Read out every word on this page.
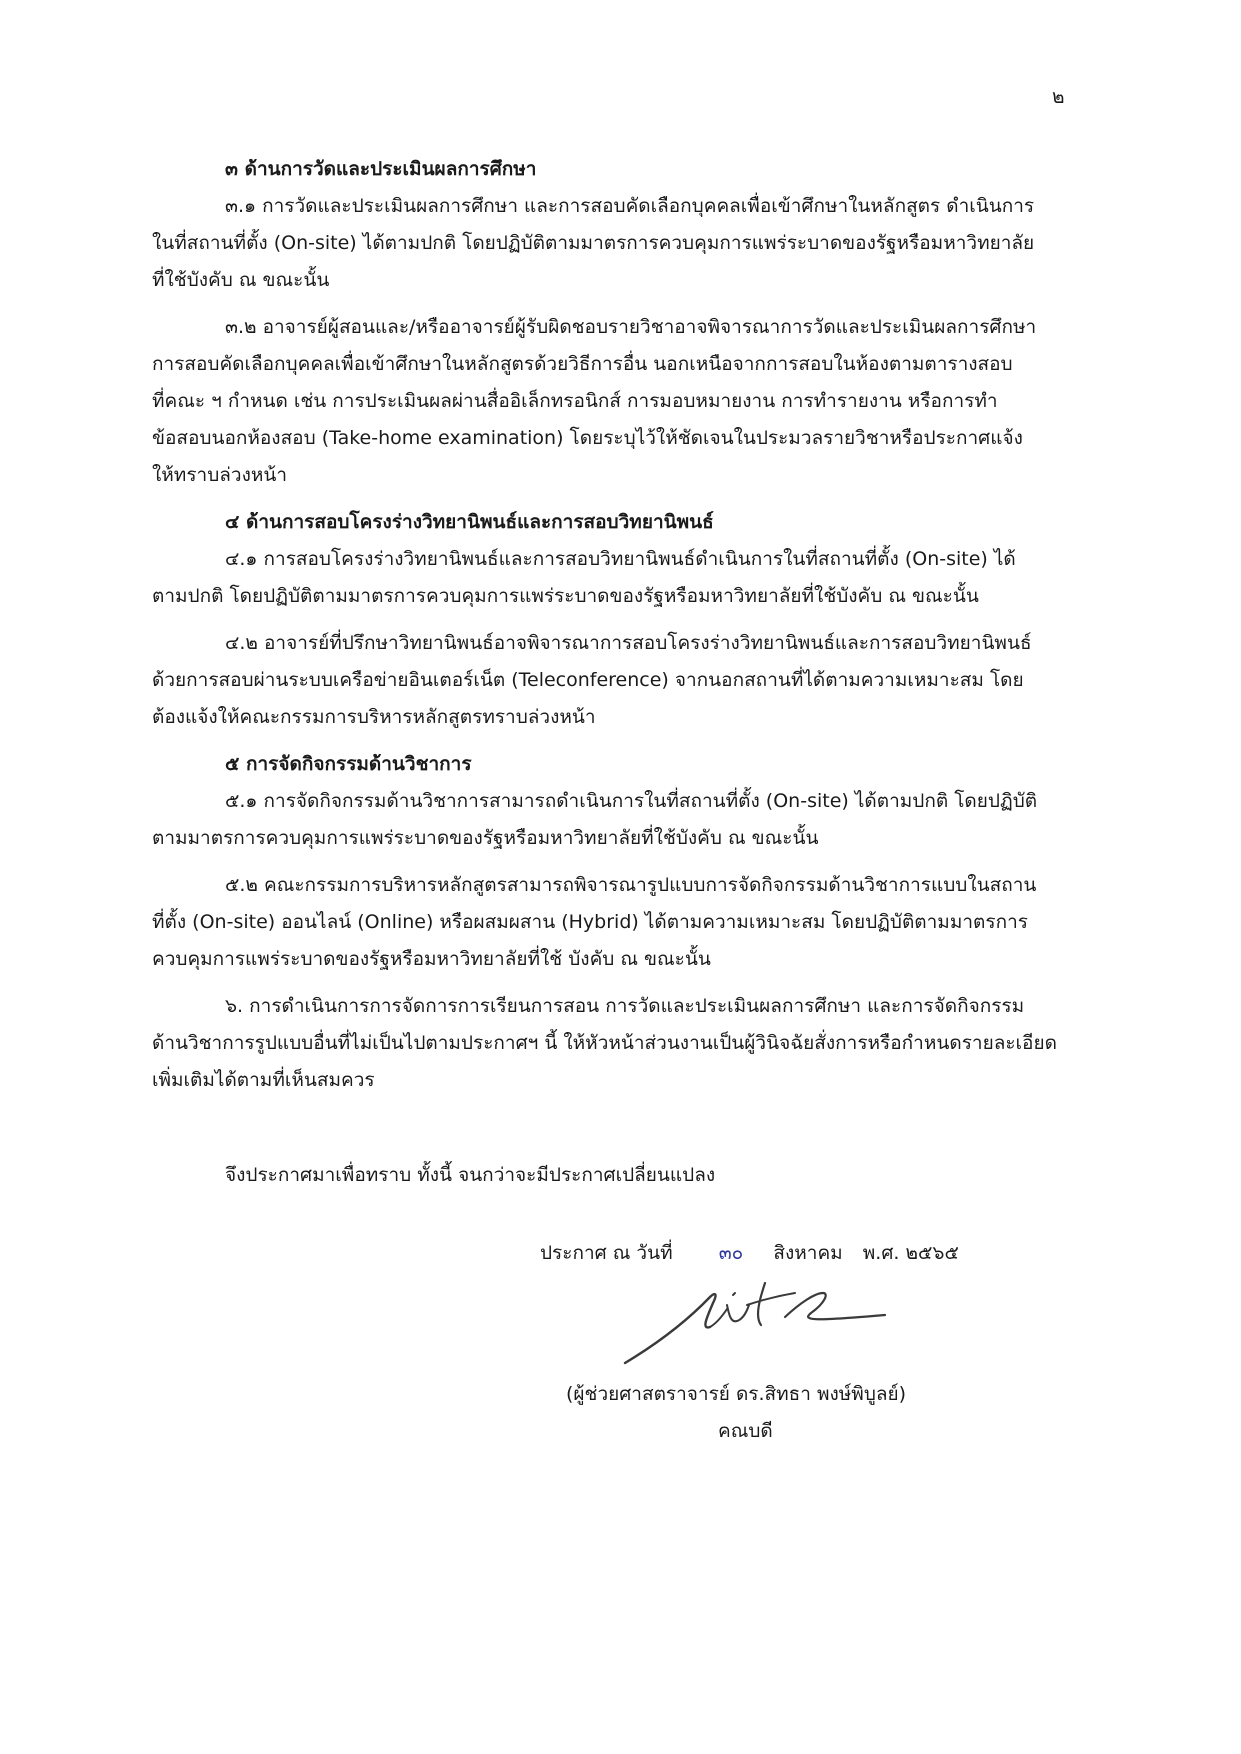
๒
๓ ด้านการวัดและประเมินผลการศึกษา
๓.๑ การวัดและประเมินผลการศึกษา และการสอบคัดเลือกบุคคลเพื่อเข้าศึกษาในหลักสูตร ดำเนินการ
ในที่สถานที่ตั้ง (On-site) ได้ตามปกติ โดยปฏิบัติตามมาตรการควบคุมการแพร่ระบาดของรัฐหรือมหาวิทยาลัย
ที่ใช้บังคับ ณ ขณะนั้น
๓.๒ อาจารย์ผู้สอนและ/หรืออาจารย์ผู้รับผิดชอบรายวิชาอาจพิจารณาการวัดและประเมินผลการศึกษา
การสอบคัดเลือกบุคคลเพื่อเข้าศึกษาในหลักสูตรด้วยวิธีการอื่น นอกเหนือจากการสอบในห้องตามตารางสอบ
ที่คณะ ฯ กำหนด เช่น การประเมินผลผ่านสื่ออิเล็กทรอนิกส์ การมอบหมายงาน การทำรายงาน หรือการทำ
ข้อสอบนอกห้องสอบ (Take-home examination) โดยระบุไว้ให้ชัดเจนในประมวลรายวิชาหรือประกาศแจ้ง
ให้ทราบล่วงหน้า
๔ ด้านการสอบโครงร่างวิทยานิพนธ์และการสอบวิทยานิพนธ์
๔.๑ การสอบโครงร่างวิทยานิพนธ์และการสอบวิทยานิพนธ์ดำเนินการในที่สถานที่ตั้ง (On-site) ได้
ตามปกติ โดยปฏิบัติตามมาตรการควบคุมการแพร่ระบาดของรัฐหรือมหาวิทยาลัยที่ใช้บังคับ ณ ขณะนั้น
๔.๒ อาจารย์ที่ปรึกษาวิทยานิพนธ์อาจพิจารณาการสอบโครงร่างวิทยานิพนธ์และการสอบวิทยานิพนธ์
ด้วยการสอบผ่านระบบเครือข่ายอินเตอร์เน็ต (Teleconference) จากนอกสถานที่ได้ตามความเหมาะสม โดย
ต้องแจ้งให้คณะกรรมการบริหารหลักสูตรทราบล่วงหน้า
๕ การจัดกิจกรรมด้านวิชาการ
๕.๑ การจัดกิจกรรมด้านวิชาการสามารถดำเนินการในที่สถานที่ตั้ง (On-site) ได้ตามปกติ โดยปฏิบัติ
ตามมาตรการควบคุมการแพร่ระบาดของรัฐหรือมหาวิทยาลัยที่ใช้บังคับ ณ ขณะนั้น
๕.๒ คณะกรรมการบริหารหลักสูตรสามารถพิจารณารูปแบบการจัดกิจกรรมด้านวิชาการแบบในสถาน
ที่ตั้ง (On-site) ออนไลน์ (Online) หรือผสมผสาน (Hybrid) ได้ตามความเหมาะสม โดยปฏิบัติตามมาตรการ
ควบคุมการแพร่ระบาดของรัฐหรือมหาวิทยาลัยที่ใช้ บังคับ ณ ขณะนั้น
๖. การดำเนินการการจัดการการเรียนการสอน การวัดและประเมินผลการศึกษา และการจัดกิจกรรม
ด้านวิชาการรูปแบบอื่นที่ไม่เป็นไปตามประกาศฯ นี้ ให้หัวหน้าส่วนงานเป็นผู้วินิจฉัยสั่งการหรือกำหนดรายละเอียด
เพิ่มเติมได้ตามที่เห็นสมควร
จึงประกาศมาเพื่อทราบ ทั้งนี้ จนกว่าจะมีประกาศเปลี่ยนแปลง
ประกาศ ณ วันที่ ๓๐ สิงหาคม พ.ศ. ๒๕๖๕
(ผู้ช่วยศาสตราจารย์ ดร.สิทธา พงษ์พิบูลย์)
คณบดี
